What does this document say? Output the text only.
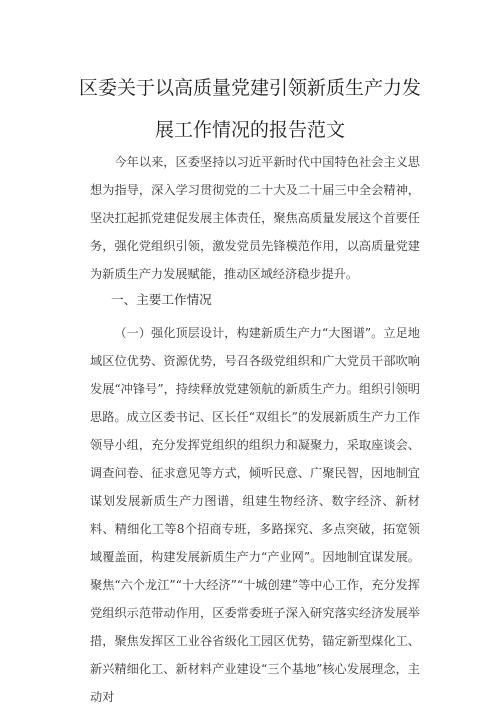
区委关于以高质量党建引领新质生产力发
展工作情况的报告范文

今年以来，区委坚持以习近平新时代中国特色社会主义思想为指导，深入学习贯彻党的二十大及二十届三中全会精神，坚决扛起抓党建促发展主体责任，聚焦高质量发展这个首要任务，强化党组织引领，激发党员先锋模范作用，以高质量党建为新质生产力发展赋能，推动区域经济稳步提升。

一、主要工作情况

（一）强化顶层设计，构建新质生产力“大图谱”。立足地域区位优势、资源优势，号召各级党组织和广大党员干部吹响发展“冲锋号”，持续释放党建领航的新质生产力。组织引领明思路。成立区委书记、区长任“双组长”的发展新质生产力工作领导小组，充分发挥党组织的组织力和凝聚力，采取座谈会、调查问卷、征求意见等方式，倾听民意、广聚民智，因地制宜谋划发展新质生产力图谱，组建生物经济、数字经济、新材料、精细化工等8个招商专班，多路探究、多点突破，拓宽领域覆盖面，构建发展新质生产力“产业网”。因地制宜谋发展。聚焦“六个龙江”“十大经济”“十城创建”等中心工作，充分发挥党组织示范带动作用，区委常委班子深入研究落实经济发展举措，聚焦发挥区工业谷省级化工园区优势，锚定新型煤化工、新兴精细化工、新材料产业建设“三个基地”核心发展理念，主动对
